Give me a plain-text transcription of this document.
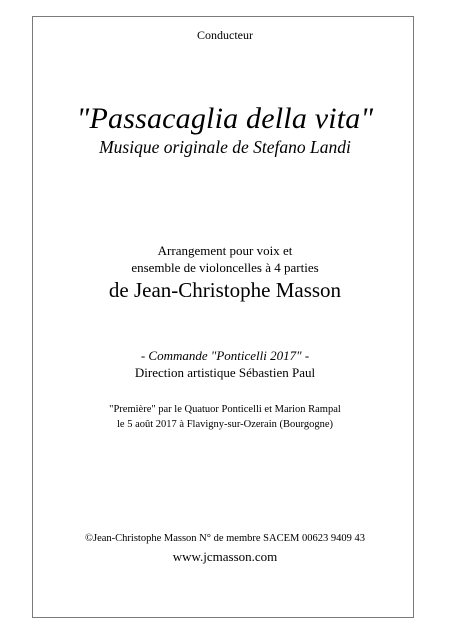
Conducteur
"Passacaglia della vita"
Musique originale de Stefano Landi
Arrangement pour voix et
ensemble de violoncelles à 4 parties
de Jean-Christophe Masson
- Commande "Ponticelli 2017" -
Direction artistique Sébastien Paul
"Première" par le Quatuor Ponticelli et Marion Rampal
le 5 août 2017 à Flavigny-sur-Ozerain (Bourgogne)
©Jean-Christophe Masson N° de membre SACEM 00623 9409 43
www.jcmasson.com
